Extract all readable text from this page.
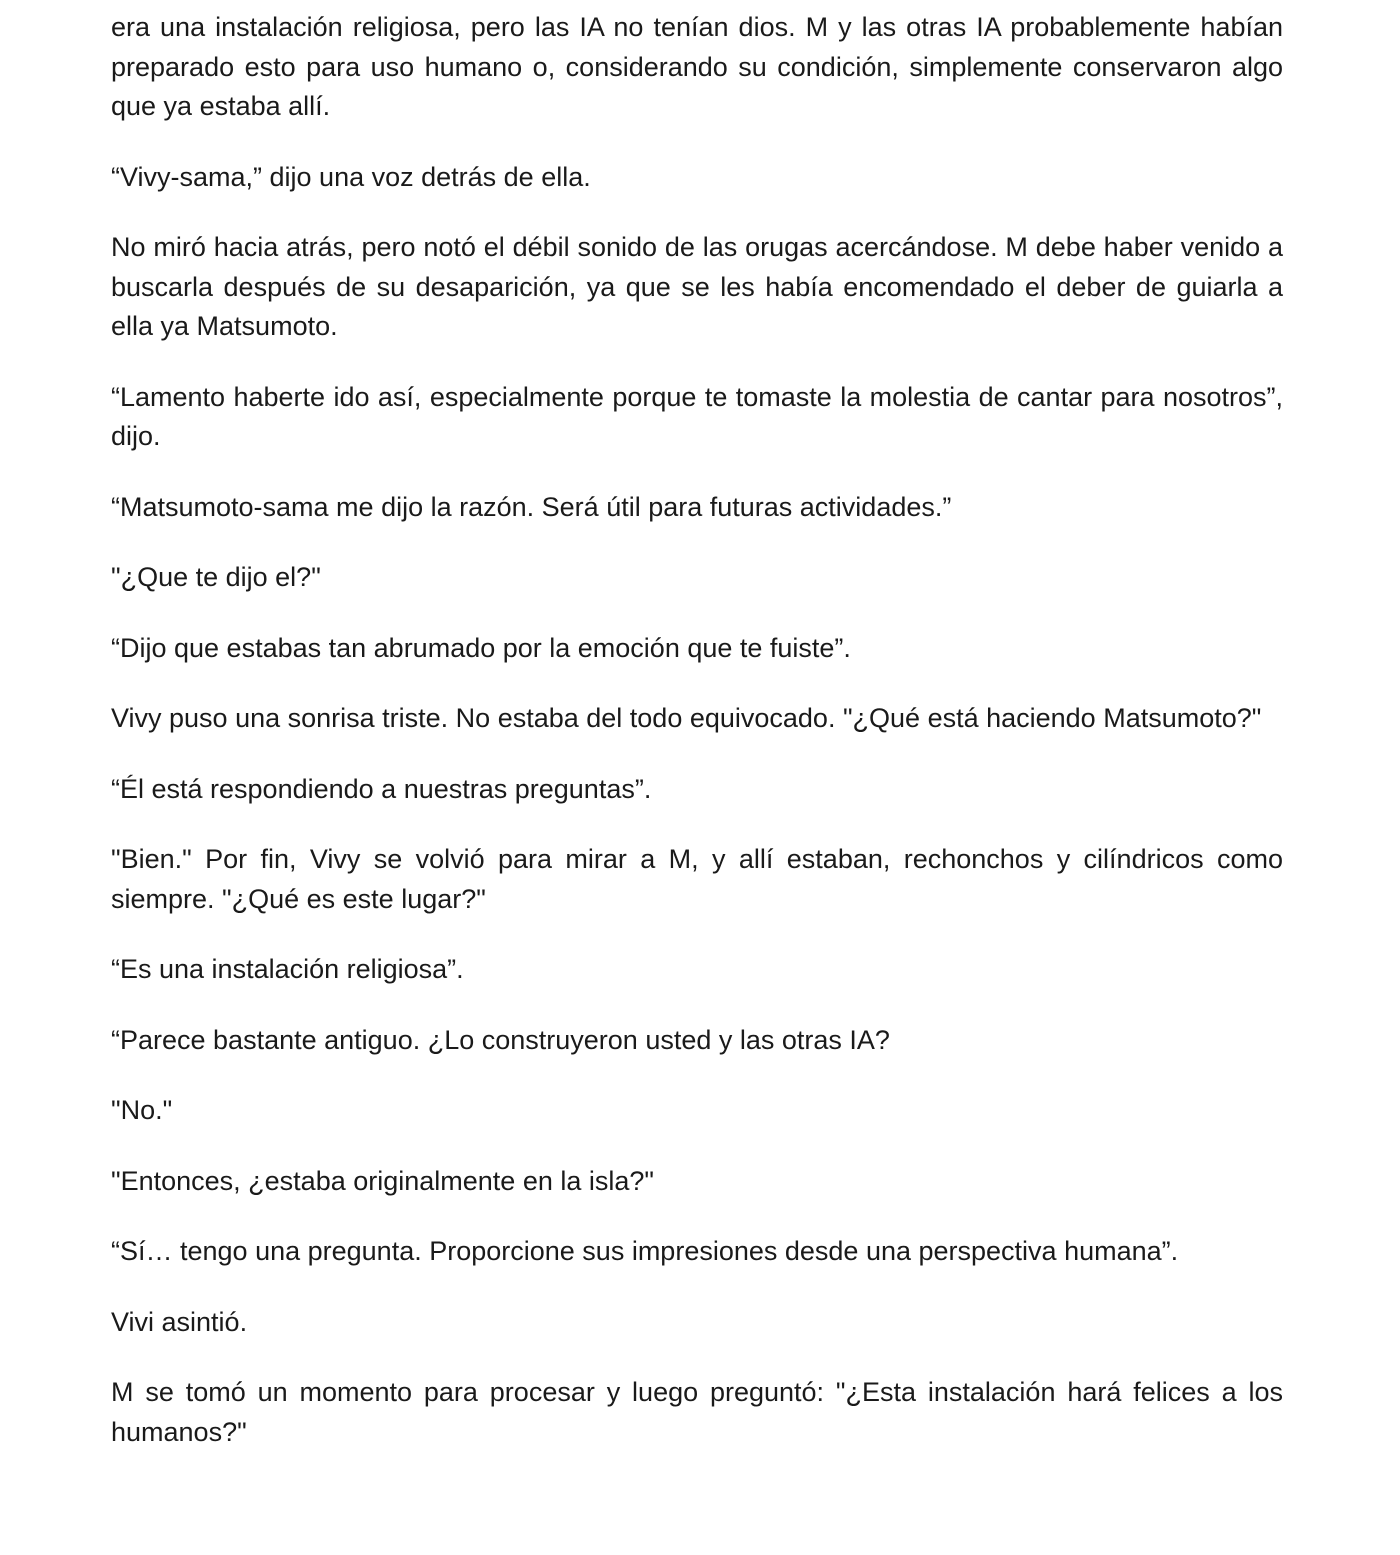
era una instalación religiosa, pero las IA no tenían dios. M y las otras IA probablemente habían preparado esto para uso humano o, considerando su condición, simplemente conservaron algo que ya estaba allí.

“Vivy-sama,” dijo una voz detrás de ella.

No miró hacia atrás, pero notó el débil sonido de las orugas acercándose. M debe haber venido a buscarla después de su desaparición, ya que se les había encomendado el deber de guiarla a ella ya Matsumoto.

“Lamento haberte ido así, especialmente porque te tomaste la molestia de cantar para nosotros”, dijo.

“Matsumoto-sama me dijo la razón. Será útil para futuras actividades.”

"¿Que te dijo el?"

“Dijo que estabas tan abrumado por la emoción que te fuiste”.

Vivy puso una sonrisa triste. No estaba del todo equivocado. "¿Qué está haciendo Matsumoto?"

“Él está respondiendo a nuestras preguntas”.

"Bien." Por fin, Vivy se volvió para mirar a M, y allí estaban, rechonchos y cilíndricos como siempre. "¿Qué es este lugar?"

“Es una instalación religiosa”.

“Parece bastante antiguo. ¿Lo construyeron usted y las otras IA?

"No."

"Entonces, ¿estaba originalmente en la isla?"

“Sí… tengo una pregunta. Proporcione sus impresiones desde una perspectiva humana”.

Vivi asintió.

M se tomó un momento para procesar y luego preguntó: "¿Esta instalación hará felices a los humanos?"
